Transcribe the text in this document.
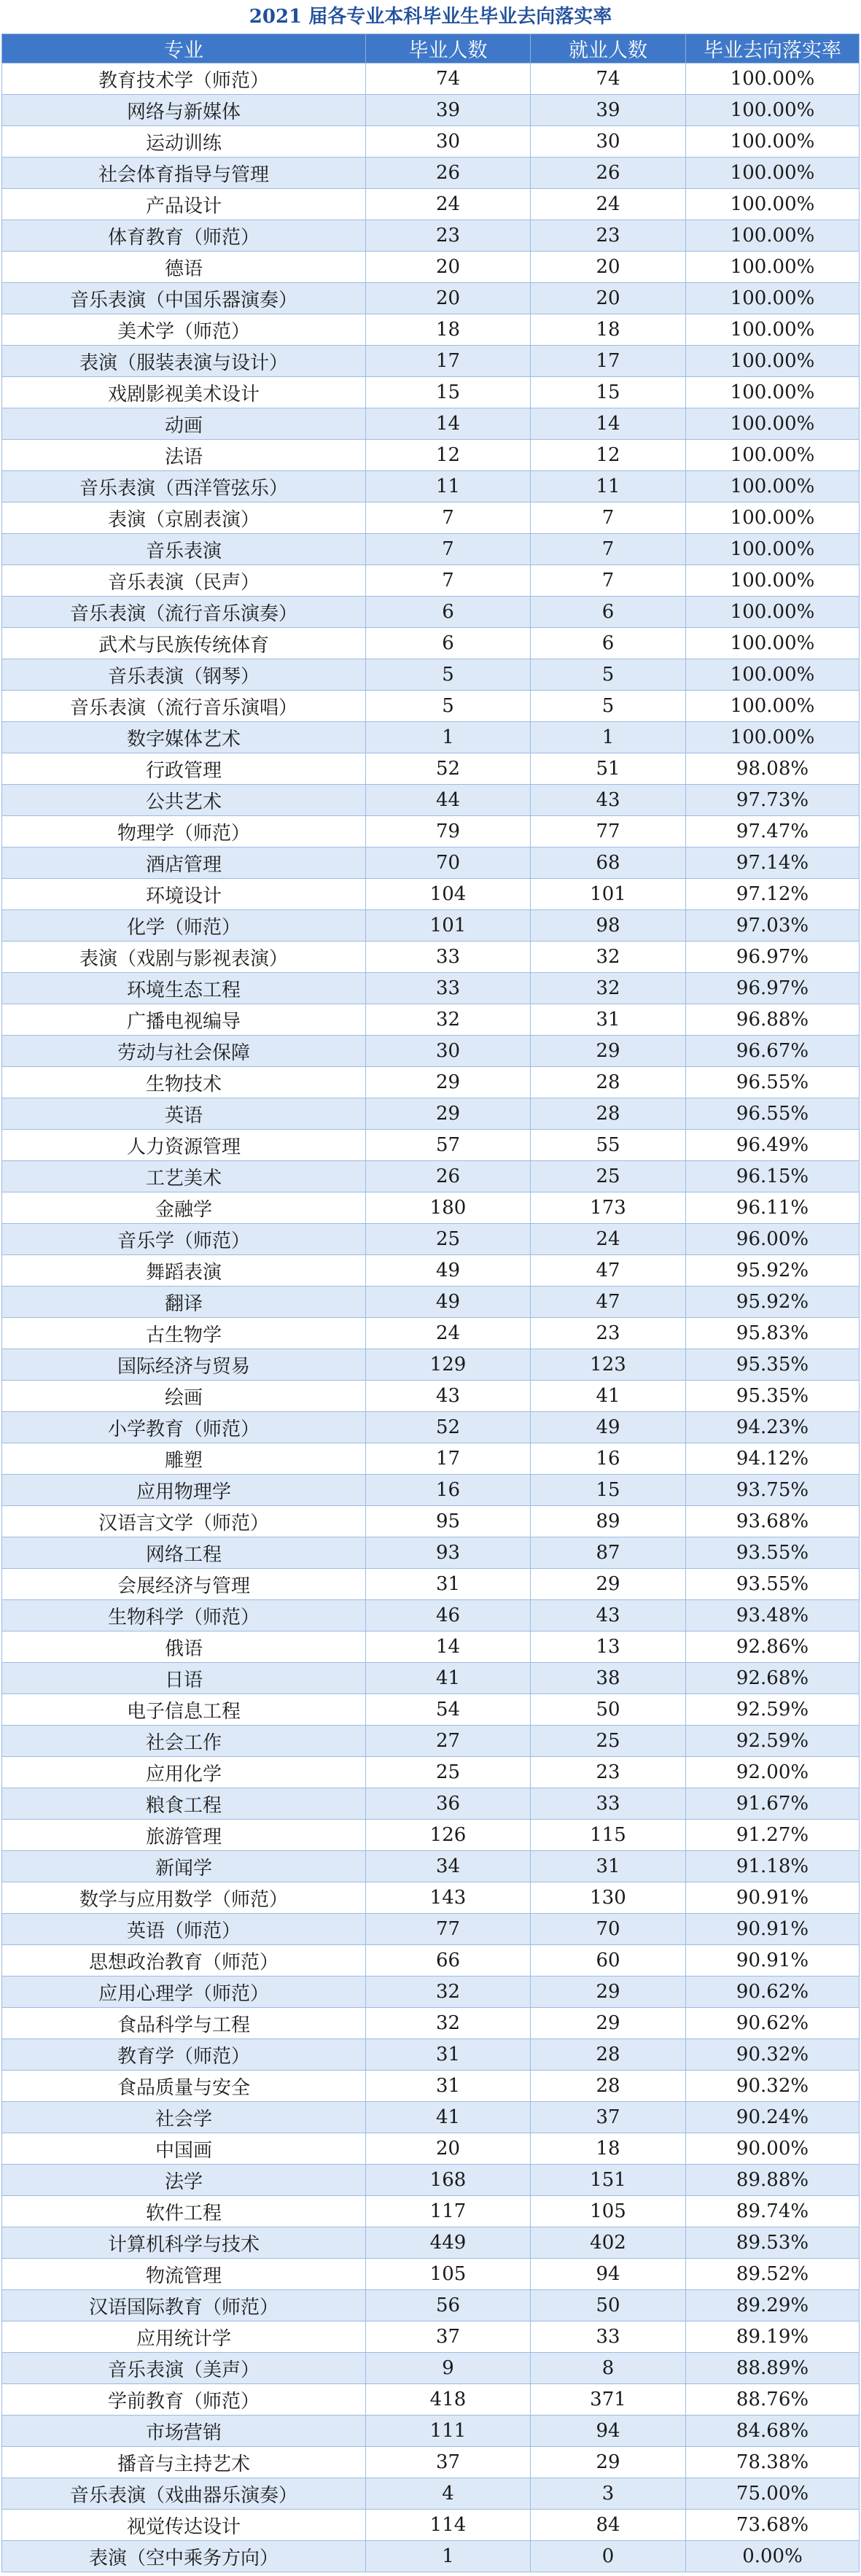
2021 届各专业本科毕业生毕业去向落实率
专业	毕业人数	就业人数	毕业去向落实率
教育技术学（师范）	74	74	100.00%
网络与新媒体	39	39	100.00%
运动训练	30	30	100.00%
社会体育指导与管理	26	26	100.00%
产品设计	24	24	100.00%
体育教育（师范）	23	23	100.00%
德语	20	20	100.00%
音乐表演（中国乐器演奏）	20	20	100.00%
美术学（师范）	18	18	100.00%
表演（服装表演与设计）	17	17	100.00%
戏剧影视美术设计	15	15	100.00%
动画	14	14	100.00%
法语	12	12	100.00%
音乐表演（西洋管弦乐）	11	11	100.00%
表演（京剧表演）	7	7	100.00%
音乐表演	7	7	100.00%
音乐表演（民声）	7	7	100.00%
音乐表演（流行音乐演奏）	6	6	100.00%
武术与民族传统体育	6	6	100.00%
音乐表演（钢琴）	5	5	100.00%
音乐表演（流行音乐演唱）	5	5	100.00%
数字媒体艺术	1	1	100.00%
行政管理	52	51	98.08%
公共艺术	44	43	97.73%
物理学（师范）	79	77	97.47%
酒店管理	70	68	97.14%
环境设计	104	101	97.12%
化学（师范）	101	98	97.03%
表演（戏剧与影视表演）	33	32	96.97%
环境生态工程	33	32	96.97%
广播电视编导	32	31	96.88%
劳动与社会保障	30	29	96.67%
生物技术	29	28	96.55%
英语	29	28	96.55%
人力资源管理	57	55	96.49%
工艺美术	26	25	96.15%
金融学	180	173	96.11%
音乐学（师范）	25	24	96.00%
舞蹈表演	49	47	95.92%
翻译	49	47	95.92%
古生物学	24	23	95.83%
国际经济与贸易	129	123	95.35%
绘画	43	41	95.35%
小学教育（师范）	52	49	94.23%
雕塑	17	16	94.12%
应用物理学	16	15	93.75%
汉语言文学（师范）	95	89	93.68%
网络工程	93	87	93.55%
会展经济与管理	31	29	93.55%
生物科学（师范）	46	43	93.48%
俄语	14	13	92.86%
日语	41	38	92.68%
电子信息工程	54	50	92.59%
社会工作	27	25	92.59%
应用化学	25	23	92.00%
粮食工程	36	33	91.67%
旅游管理	126	115	91.27%
新闻学	34	31	91.18%
数学与应用数学（师范）	143	130	90.91%
英语（师范）	77	70	90.91%
思想政治教育（师范）	66	60	90.91%
应用心理学（师范）	32	29	90.62%
食品科学与工程	32	29	90.62%
教育学（师范）	31	28	90.32%
食品质量与安全	31	28	90.32%
社会学	41	37	90.24%
中国画	20	18	90.00%
法学	168	151	89.88%
软件工程	117	105	89.74%
计算机科学与技术	449	402	89.53%
物流管理	105	94	89.52%
汉语国际教育（师范）	56	50	89.29%
应用统计学	37	33	89.19%
音乐表演（美声）	9	8	88.89%
学前教育（师范）	418	371	88.76%
市场营销	111	94	84.68%
播音与主持艺术	37	29	78.38%
音乐表演（戏曲器乐演奏）	4	3	75.00%
视觉传达设计	114	84	73.68%
表演（空中乘务方向）	1	0	0.00%
